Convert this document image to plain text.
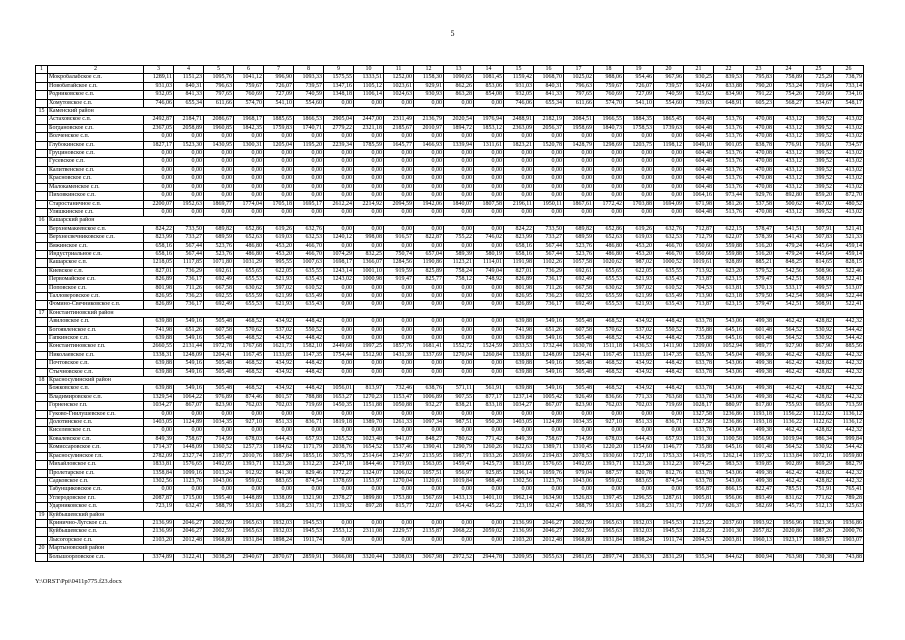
5
1	2	3	4	5	6	7	8	9	10	11	12	13	14	15	16	17	18	19	20	21	22	23	24	25	26
	Мокробалабское с.п.	1289,11	1151,23	1095,76	1041,12	996,90	1093,33	1575,55	1333,51	1252,00	1158,30	1090,65	1081,45	1159,42	1068,70	1025,02	988,06	954,46	967,96	930,25	839,53	795,83	758,89	725,29	738,79
	Новобатайское с.п.	931,03	840,31	796,63	759,67	726,07	739,57	1347,16	1105,12	1023,61	929,91	862,26	853,06	931,03	840,31	796,63	759,67	726,07	739,57	924,60	833,88	790,20	753,24	719,64	733,14
	Родниковское с.п.	932,05	841,33	797,65	760,69	727,09	740,59	1348,18	1106,14	1024,63	930,93	863,28	854,08	932,05	841,33	797,65	760,69	727,09	740,59	925,62	834,90	791,22	754,26	720,66	734,16
	Хомутовское с.п.	746,06	655,34	611,66	574,70	541,10	554,60	0,00	0,00	0,00	0,00	0,00	0,00	746,06	655,34	611,66	574,70	541,10	554,60	739,63	648,91	605,23	568,27	534,67	548,17
15	Каменский район																								
	Астаховское с.п.	2492,87	2184,71	2086,67	1968,17	1885,65	1866,53	2905,04	2447,00	2311,49	2136,79	2020,54	1976,94	2488,91	2182,19	2084,51	1966,55	1884,35	1865,45	604,48	513,76	470,08	433,12	399,52	413,02
	Богдановское с.п.	2367,05	2058,89	1960,85	1842,35	1759,83	1740,71	2779,22	2321,18	2185,67	2010,97	1894,72	1853,12	2363,09	2056,37	1958,69	1840,73	1758,53	1739,63	604,48	513,76	470,08	433,12	399,52	413,02
	Волченское с.п.	0,00	0,00	0,00	0,00	0,00	0,00	0,00	0,00	0,00	0,00	0,00	0,00	0,00	0,00	0,00	0,00	0,00	0,00	604,48	513,76	470,08	433,12	399,52	413,02
	Глубокинское с.п.	1827,17	1523,30	1430,95	1300,31	1205,04	1195,20	2239,34	1785,59	1645,77	1466,93	1339,94	1311,61	1823,21	1520,78	1428,79	1298,69	1203,75	1198,12	1049,10	901,05	838,78	776,91	716,91	734,57
	Груциновское с.п.	0,00	0,00	0,00	0,00	0,00	0,00	0,00	0,00	0,00	0,00	0,00	0,00	0,00	0,00	0,00	0,00	0,00	0,00	604,48	513,76	470,08	433,12	399,52	413,02
	Гусевское с.п.	0,00	0,00	0,00	0,00	0,00	0,00	0,00	0,00	0,00	0,00	0,00	0,00	0,00	0,00	0,00	0,00	0,00	0,00	604,48	513,76	470,08	433,12	399,52	413,02
	Калитвенское с.п.	0,00	0,00	0,00	0,00	0,00	0,00	0,00	0,00	0,00	0,00	0,00	0,00	0,00	0,00	0,00	0,00	0,00	0,00	604,48	513,76	470,08	433,12	399,52	413,02
	Красновское с.п.	0,00	0,00	0,00	0,00	0,00	0,00	0,00	0,00	0,00	0,00	0,00	0,00	0,00	0,00	0,00	0,00	0,00	0,00	604,48	513,76	470,08	433,12	399,52	413,02
	Малокаменское с.п.	0,00	0,00	0,00	0,00	0,00	0,00	0,00	0,00	0,00	0,00	0,00	0,00	0,00	0,00	0,00	0,00	0,00	0,00	604,48	513,76	470,08	433,12	399,52	413,02
	Пиховкинское с.п.	0,00	0,00	0,00	0,00	0,00	0,00	0,00	0,00	0,00	0,00	0,00	0,00	0,00	0,00	0,00	0,00	0,00	0,00	1064,16	973,44	929,76	892,80	859,20	872,70
	Старостаничное с.п.	2200,07	1952,63	1869,77	1774,04	1705,18	1695,17	2612,24	2214,92	2094,59	1942,06	1840,07	1807,58	2196,11	1950,11	1867,61	1772,42	1703,88	1694,09	671,98	581,26	537,58	500,62	467,02	480,52
	Уляшкинское с.п.	0,00	0,00	0,00	0,00	0,00	0,00	0,00	0,00	0,00	0,00	0,00	0,00	0,00	0,00	0,00	0,00	0,00	0,00	604,48	513,76	470,08	433,12	399,52	413,02
16	Кашарский район																								
	Верхнемакеевское с.п.	824,22	733,50	689,82	652,86	619,26	632,76	0,00	0,00	0,00	0,00	0,00	0,00	824,22	733,50	689,82	652,86	619,26	632,76	712,87	622,15	578,47	541,51	507,91	521,41
	Верхнесвечниковское с.п.	823,99	733,27	689,59	652,63	619,03	632,53	1240,12	998,08	916,57	822,87	755,22	746,02	823,99	733,27	689,59	652,63	619,03	632,53	712,79	622,07	578,39	541,43	507,83	521,33
	Вяжинское с.п.	658,16	567,44	523,76	486,80	453,20	466,70	0,00	0,00	0,00	0,00	0,00	0,00	658,16	567,44	523,76	486,80	453,20	466,70	650,60	559,88	516,20	479,24	445,64	459,14
	Индустриальное с.п.	658,16	567,44	523,76	486,80	453,20	466,70	1074,29	832,25	750,74	657,04	589,39	580,19	658,16	567,44	523,76	486,80	453,20	466,70	650,60	559,88	516,20	479,24	445,64	459,14
	Кашарское с.п.	1218,05	1117,85	1071,80	1031,29	995,55	1007,63	1698,17	1366,07	1284,56	1190,86	1123,21	1114,01	1191,98	1102,26	1057,58	1020,62	987,02	1000,52	1019,61	928,89	885,21	848,25	814,65	828,15
	Киевское с.п.	827,01	736,29	692,61	655,65	622,05	635,55	1243,14	1001,10	919,59	825,89	758,24	749,04	827,01	736,29	692,61	655,65	622,05	635,55	713,92	623,20	579,52	542,56	508,96	522,46
	Первомайское с.п.	826,89	736,17	692,49	655,53	621,93	635,43	1243,02	1000,98	919,47	825,77	758,12	748,92	826,89	736,17	692,49	655,53	621,93	635,43	713,87	623,15	579,47	542,51	508,91	522,41
	Поповское с.п.	801,98	711,26	667,58	630,62	597,02	610,52	0,00	0,00	0,00	0,00	0,00	0,00	801,98	711,26	667,58	630,62	597,02	610,52	704,53	613,81	570,13	533,17	499,57	513,07
	Талловеровское с.п.	826,95	736,23	692,55	655,59	621,99	635,49	0,00	0,00	0,00	0,00	0,00	0,00	826,95	736,23	692,55	655,59	621,99	635,49	713,90	623,18	579,50	542,54	508,94	522,44
	Фомино-Свечниковское с.п.	826,89	736,17	692,49	655,53	621,93	635,43	0,00	0,00	0,00	0,00	0,00	0,00	826,89	736,17	692,49	655,53	621,93	635,43	713,87	623,15	579,47	542,51	508,91	522,41
17	Константиновский район																								
	Авиловское с.п.	639,88	549,16	505,48	468,52	434,92	448,42	0,00	0,00	0,00	0,00	0,00	0,00	639,88	549,16	505,48	468,52	434,92	448,42	633,78	543,06	499,38	462,42	428,82	442,32
	Богоявленское с.п.	741,98	651,26	607,58	570,62	537,02	550,52	0,00	0,00	0,00	0,00	0,00	0,00	741,98	651,26	607,58	570,62	537,02	550,52	735,88	645,16	601,48	564,52	530,92	544,42
	Гапкинское с.п.	639,88	549,16	505,48	468,52	434,92	448,42	0,00	0,00	0,00	0,00	0,00	0,00	639,88	549,16	505,48	468,52	434,92	448,42	735,88	645,16	601,48	564,52	530,92	544,42
	Константиновское г.п.	2660,55	2131,44	1972,78	1767,68	1621,73	1582,10	2449,68	1997,25	1857,76	1681,41	1552,72	1524,59	2033,53	1732,44	1630,78	1511,18	1436,53	1411,90	1209,00	1052,94	989,77	927,90	867,90	885,56
	Николаевское с.п.	1338,31	1248,09	1204,41	1167,45	1133,85	1147,35	1754,44	1512,90	1431,39	1337,69	1270,04	1260,84	1338,81	1248,09	1204,41	1167,45	1133,85	1147,35	635,76	545,04	499,36	462,42	428,82	442,32
	Почтовское с.п.	639,88	549,16	505,48	468,52	434,92	448,42	0,00	0,00	0,00	0,00	0,00	0,00	639,88	549,16	505,48	468,52	434,92	448,42	633,78	543,06	499,38	462,42	428,82	442,32
	Стычновское с.п.	639,88	549,16	505,48	468,52	434,92	448,42	0,00	0,00	0,00	0,00	0,00	0,00	639,88	549,16	505,48	468,52	434,92	448,42	633,78	543,06	499,38	462,42	428,82	442,32
18	Красносулинский район																								
	Божковское с.п.	639,88	549,16	505,48	468,52	434,92	448,42	1056,01	813,97	732,46	638,76	571,11	561,91	639,88	549,16	505,48	468,52	434,92	448,42	633,78	543,06	499,38	462,42	428,82	442,32
	Владимировское с.п.	1329,54	1064,22	976,89	874,46	801,57	788,88	1653,27	1270,23	1153,47	1006,89	907,55	877,17	1237,14	1005,42	926,49	836,66	771,33	763,68	633,78	543,06	499,38	462,42	428,82	442,32
	Горненское г.п.	1034,27	867,07	823,90	762,03	702,03	719,69	1450,35	1151,88	1050,88	932,27	838,21	833,18	1034,27	867,07	823,90	762,03	702,03	719,69	1028,17	880,97	817,80	755,93	695,93	713,59
	Гуково-Гнилушевское с.п.	0,00	0,00	0,00	0,00	0,00	0,00	0,00	0,00	0,00	0,00	0,00	0,00	0,00	0,00	0,00	0,00	0,00	0,00	1327,58	1236,86	1193,18	1156,22	1122,62	1136,12
	Долотинское с.п.	1403,05	1124,89	1034,35	927,10	851,33	836,71	1819,18	1389,70	1261,33	1097,34	987,51	950,20	1403,05	1124,89	1034,35	927,10	851,33	836,71	1327,58	1236,86	1193,18	1136,22	1122,62	1136,12
	Киселевское с.п.	0,00	0,00	0,00	0,00	0,00	0,00	0,00	0,00	0,00	0,00	0,00	0,00	0,00	0,00	0,00	0,00	0,00	0,00	633,78	543,06	499,38	462,42	428,82	442,32
	Ковалевское с.п.	849,39	758,67	714,99	678,03	644,43	657,93	1265,52	1023,48	941,07	848,27	780,62	771,42	849,39	758,67	714,99	678,03	644,43	657,93	1191,30	1100,58	1056,90	1019,94	986,34	999,84
	Комиссаровское с.п.	1714,37	1448,09	1360,52	1257,73	1184,62	1171,79	2038,76	1654,52	1537,46	1390,41	1290,79	1260,26	1622,63	1389,71	1310,45	1220,20	1154,60	1146,77	735,88	645,16	601,48	564,52	530,92	544,42
	Красносулинское г.п.	2782,09	2327,74	2187,77	2010,76	1887,84	1855,16	3075,79	2514,64	2347,97	2135,95	1987,71	1933,26	2659,66	2194,83	2078,53	1930,60	1727,18	1753,33	1419,75	1262,14	1197,32	1133,84	1072,16	1059,80
	Михайловское с.п.	1833,81	1576,65	1492,05	1393,71	1323,28	1312,23	2247,18	1844,46	1719,03	1563,05	1459,47	1425,73	1831,05	1576,65	1492,05	1393,71	1323,28	1312,23	1074,25	983,53	939,85	902,89	869,29	882,79
	Пролетарское с.п.	1358,84	1099,16	1013,24	912,92	841,30	829,46	1772,27	1324,07	1206,02	1057,51	956,97	925,85	1296,14	1059,76	979,04	887,57	820,78	812,76	633,78	543,06	499,38	462,42	428,82	442,32
	Садковское с.п.	1302,56	1123,76	1043,06	959,02	883,65	874,54	1378,69	1153,97	1270,04	1120,61	1019,84	988,49	1302,56	1123,76	1043,06	959,02	883,65	874,54	633,78	543,06	499,38	462,42	428,82	442,32
	Табунщиковское с.п.	0,00	0,00	0,00	0,00	0,00	0,00	0,00	0,00	0,00	0,00	0,00	0,00	0,00	0,00	0,00	0,00	0,00	0,00	956,87	866,15	822,47	785,51	751,91	765,41
	Углеродовское г.п.	2087,87	1715,00	1595,40	1448,89	1338,09	1321,90	2378,27	1899,80	1753,80	1567,69	1433,13	1401,10	1962,14	1634,90	1526,83	1397,45	1296,55	1287,61	1005,81	956,06	893,49	831,62	771,62	789,28
	Ударниковское с.п.	723,19	632,47	588,79	551,83	518,23	531,73	1139,32	897,28	815,77	722,07	654,42	645,22	723,19	632,47	588,79	551,83	518,23	531,73	717,09	626,37	582,69	545,73	512,13	525,63
19	Куйбышевский район																								
	Кринично-Лугское с.п.	2136,99	2046,27	2002,59	1965,63	1932,03	1945,53	0,00	0,00	0,00	0,00	0,00	0,00	2136,99	2046,27	2002,59	1965,63	1932,03	1945,53	2125,22	2037,60	1993,92	1956,96	1923,36	1936,86
	Куйбышевское с.п.	2136,99	2046,27	2002,59	1965,63	1932,03	1945,53	2553,12	2311,08	2229,57	2135,87	2068,22	2059,02	2136,99	2046,27	2002,59	1965,63	1932,03	1945,53	2128,22	2101,30	2057,82	2020,86	1987,26	2000,76
	Лысогорское с.п.	2103,20	2012,48	1968,80	1931,84	1898,24	1911,74	0,00	0,00	0,00	0,00	0,00	0,00	2103,20	2012,48	1968,80	1931,84	1898,24	1911,74	2094,53	2003,81	1960,13	1923,17	1889,57	1903,07
20	Мартыновский район																								
	Большоорловское с.п.	3374,89	3122,41	3038,29	2940,67	2870,67	2859,91	3666,08	3320,44	3208,03	3067,98	2972,52	2944,78	3209,95	3055,63	2981,05	2897,74	2836,33	2831,29	935,34	844,62	800,94	763,98	730,38	743,88
Y:\ORST\Ppi\0411p775.f23.docx
